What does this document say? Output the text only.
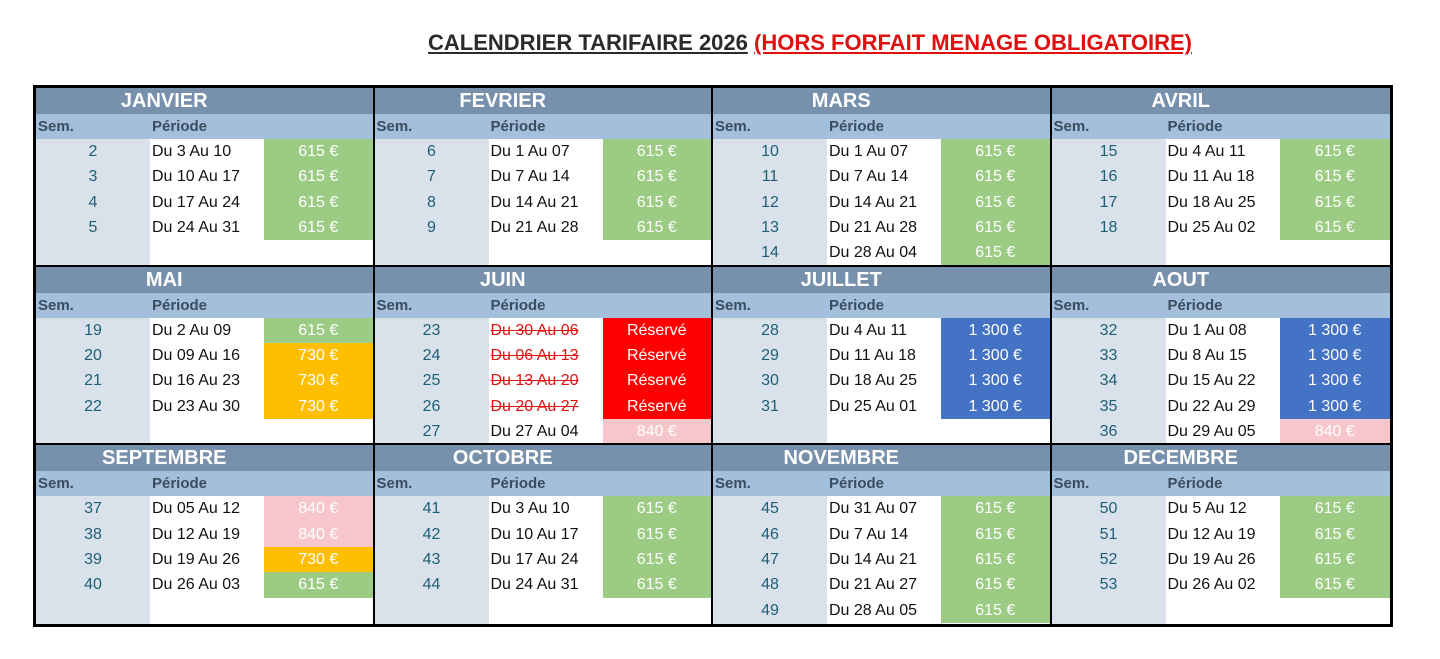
CALENDRIER TARIFAIRE 2026 (HORS FORFAIT MENAGE OBLIGATOIRE)
JANVIER
Sem.	Période
2	Du 3 Au 10	615 €
3	Du 10 Au 17	615 €
4	Du 17 Au 24	615 €
5	Du 24 Au 31	615 €
FEVRIER
Sem.	Période
6	Du 1 Au 07	615 €
7	Du 7 Au 14	615 €
8	Du 14 Au 21	615 €
9	Du 21 Au 28	615 €
MARS
Sem.	Période
10	Du 1 Au 07	615 €
11	Du 7 Au 14	615 €
12	Du 14 Au 21	615 €
13	Du 21 Au 28	615 €
14	Du 28 Au 04	615 €
AVRIL
Sem.	Période
15	Du 4 Au 11	615 €
16	Du 11 Au 18	615 €
17	Du 18 Au 25	615 €
18	Du 25 Au 02	615 €
MAI
Sem.	Période
19	Du 2 Au 09	615 €
20	Du 09 Au 16	730 €
21	Du 16 Au 23	730 €
22	Du 23 Au 30	730 €
JUIN
Sem.	Période
23	Du 30 Au 06	Réservé
24	Du 06 Au 13	Réservé
25	Du 13 Au 20	Réservé
26	Du 20 Au 27	Réservé
27	Du 27 Au 04	840 €
JUILLET
Sem.	Période
28	Du 4 Au 11	1 300 €
29	Du 11 Au 18	1 300 €
30	Du 18 Au 25	1 300 €
31	Du 25 Au 01	1 300 €
AOUT
Sem.	Période
32	Du 1 Au 08	1 300 €
33	Du 8 Au 15	1 300 €
34	Du 15 Au 22	1 300 €
35	Du 22 Au 29	1 300 €
36	Du 29 Au 05	840 €
SEPTEMBRE
Sem.	Période
37	Du 05 Au 12	840 €
38	Du 12 Au 19	840 €
39	Du 19 Au 26	730 €
40	Du 26 Au 03	615 €
OCTOBRE
Sem.	Période
41	Du 3 Au 10	615 €
42	Du 10 Au 17	615 €
43	Du 17 Au 24	615 €
44	Du 24 Au 31	615 €
NOVEMBRE
Sem.	Période
45	Du 31 Au 07	615 €
46	Du 7 Au 14	615 €
47	Du 14 Au 21	615 €
48	Du 21 Au 27	615 €
49	Du 28 Au 05	615 €
DECEMBRE
Sem.	Période
50	Du 5 Au 12	615 €
51	Du 12 Au 19	615 €
52	Du 19 Au 26	615 €
53	Du 26 Au 02	615 €
